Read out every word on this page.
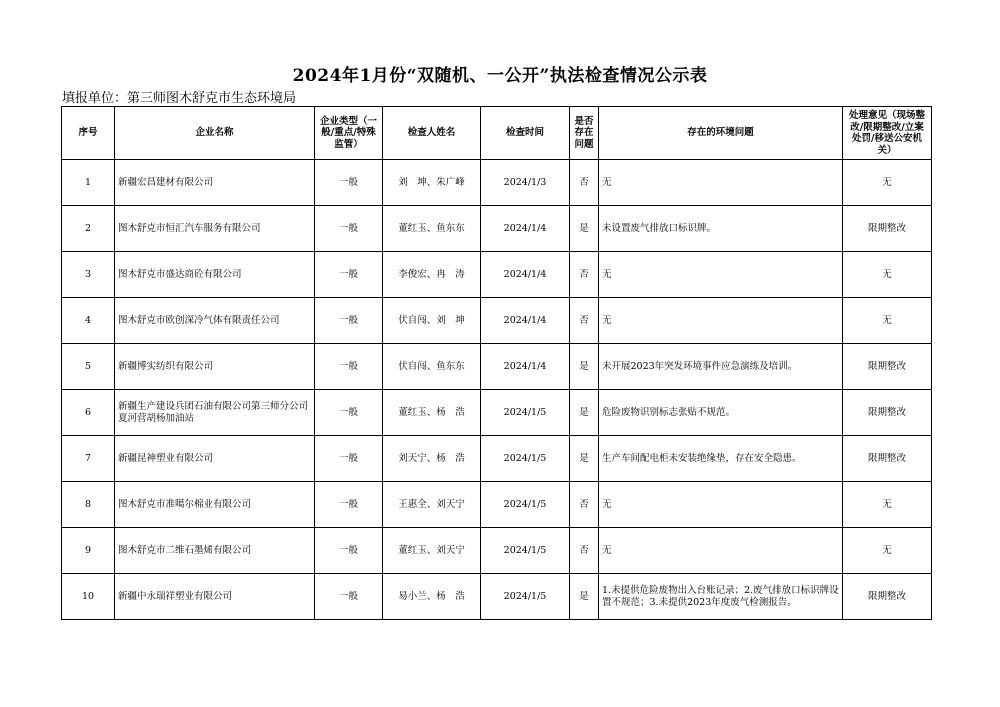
2024年1月份“双随机、一公开”执法检查情况公示表
填报单位：第三师图木舒克市生态环境局
序号	企业名称	企业类型（一般/重点/特殊监管）	检查人姓名	检查时间	是否存在问题	存在的环境问题	处理意见（现场整改/限期整改/立案处罚/移送公安机关）
1	新疆宏昌建材有限公司	一般	刘　坤、朱广峰	2024/1/3	否	无	无
2	图木舒克市恒汇汽车服务有限公司	一般	董红玉、鱼东东	2024/1/4	是	未设置废气排放口标识牌。	限期整改
3	图木舒克市盛达商砼有限公司	一般	李俊宏、冉　涛	2024/1/4	否	无	无
4	图木舒克市欧创深冷气体有限责任公司	一般	伏自闯、刘　坤	2024/1/4	否	无	无
5	新疆博实纺织有限公司	一般	伏自闯、鱼东东	2024/1/4	是	未开展2023年突发环境事件应急演练及培训。	限期整改
6	新疆生产建设兵团石油有限公司第三师分公司夏河营胡杨加油站	一般	董红玉、杨　浩	2024/1/5	是	危险废物识别标志张贴不规范。	限期整改
7	新疆昆神塑业有限公司	一般	刘天宁、杨　浩	2024/1/5	是	生产车间配电柜未安装绝缘垫，存在安全隐患。	限期整改
8	图木舒克市准噶尔棉业有限公司	一般	王惠全、刘天宁	2024/1/5	否	无	无
9	图木舒克市二维石墨烯有限公司	一般	董红玉、刘天宁	2024/1/5	否	无	无
10	新疆中永瑞祥塑业有限公司	一般	易小兰、杨　浩	2024/1/5	是	1.未提供危险废物出入台账记录；2.废气排放口标识牌设置不规范；3.未提供2023年度废气检测报告。	限期整改
